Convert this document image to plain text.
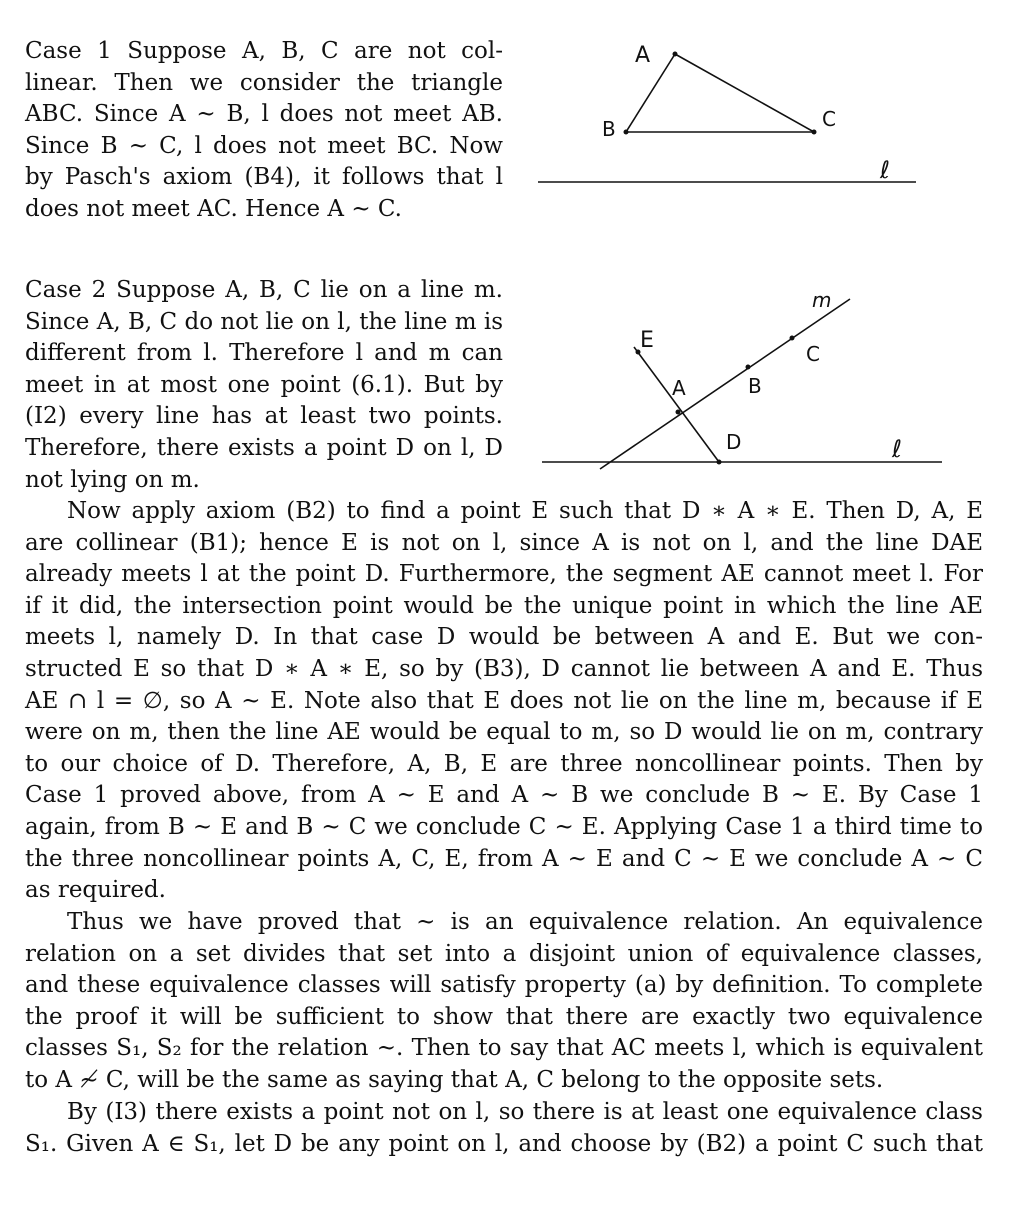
Case 1 Suppose A, B, C are not col-
linear. Then we consider the triangle
ABC. Since A ~ B, l does not meet AB.
Since B ~ C, l does not meet BC. Now
by Pasch's axiom (B4), it follows that l
does not meet AC. Hence A ~ C.
A
B	C
ℓ
Case 2 Suppose A, B, C lie on a line m.
Since A, B, C do not lie on l, the line m is
different from l. Therefore l and m can
meet in at most one point (6.1). But by
(I2) every line has at least two points.
Therefore, there exists a point D on l, D
not lying on m.
E
A	B
C
D
m
ℓ
Now apply axiom (B2) to find a point E such that D ∗ A ∗ E. Then D, A, E
are collinear (B1); hence E is not on l, since A is not on l, and the line DAE
already meets l at the point D. Furthermore, the segment AE cannot meet l. For
if it did, the intersection point would be the unique point in which the line AE
meets l, namely D. In that case D would be between A and E. But we con-
structed E so that D ∗ A ∗ E, so by (B3), D cannot lie between A and E. Thus
AE ∩ l = ∅, so A ~ E. Note also that E does not lie on the line m, because if E
were on m, then the line AE would be equal to m, so D would lie on m, contrary
to our choice of D. Therefore, A, B, E are three noncollinear points. Then by
Case 1 proved above, from A ~ E and A ~ B we conclude B ~ E. By Case 1
again, from B ~ E and B ~ C we conclude C ~ E. Applying Case 1 a third time to
the three noncollinear points A, C, E, from A ~ E and C ~ E we conclude A ~ C
as required.
Thus we have proved that ~ is an equivalence relation. An equivalence
relation on a set divides that set into a disjoint union of equivalence classes,
and these equivalence classes will satisfy property (a) by definition. To complete
the proof it will be sufficient to show that there are exactly two equivalence
classes S₁, S₂ for the relation ~. Then to say that AC meets l, which is equivalent
to A ≁ C, will be the same as saying that A, C belong to the opposite sets.
By (I3) there exists a point not on l, so there is at least one equivalence class
S₁. Given A ∈ S₁, let D be any point on l, and choose by (B2) a point C such that
